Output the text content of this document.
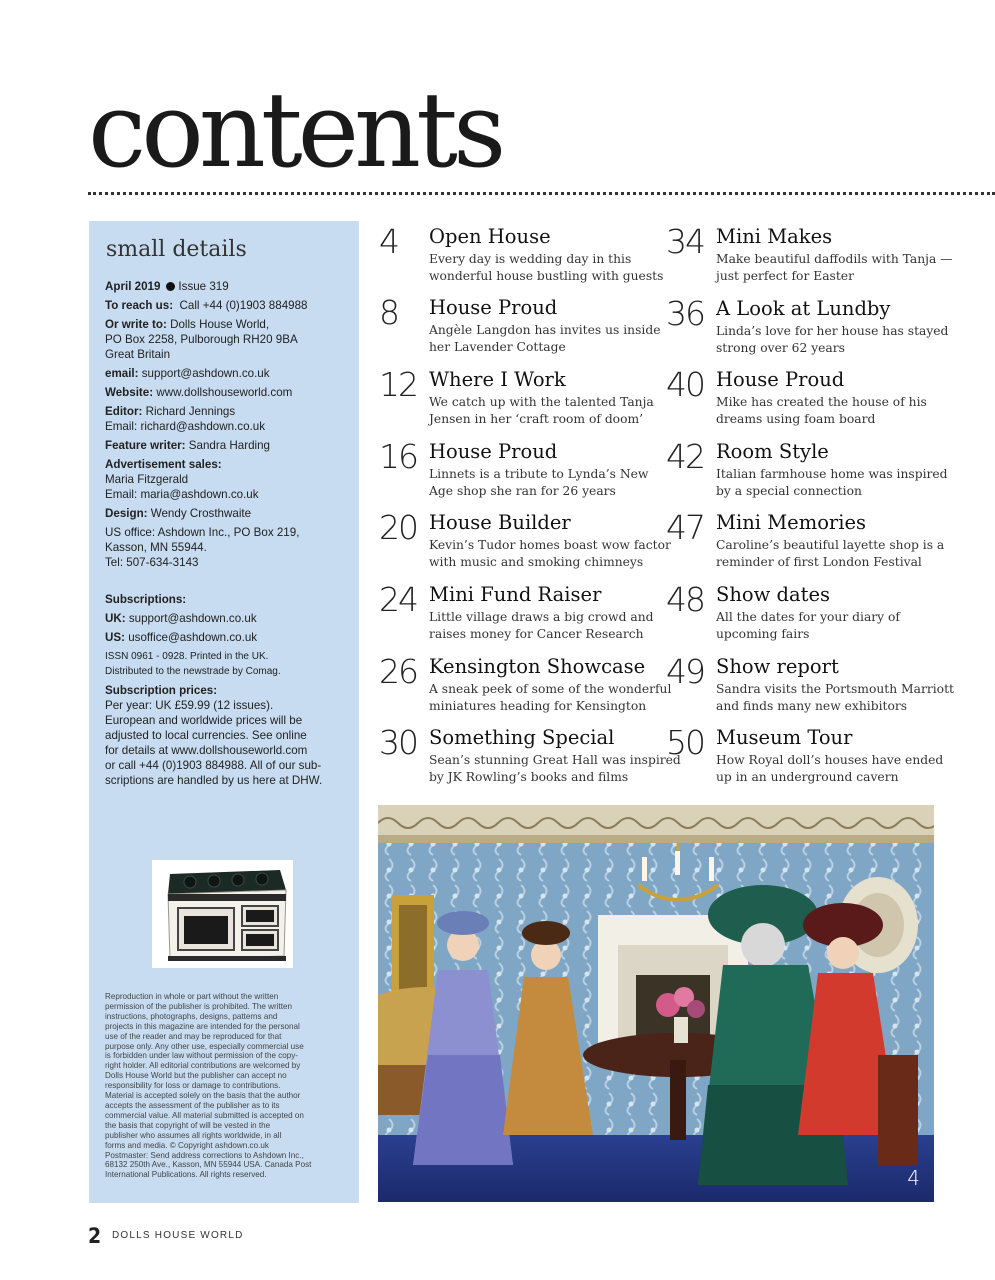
contents
small details
April 2019 Issue 319
To reach us: Call +44 (0)1903 884988
Or write to: Dolls House World,
PO Box 2258, Pulborough RH20 9BA
Great Britain
email: support@ashdown.co.uk
Website: www.dollshouseworld.com
Editor: Richard Jennings
Email: richard@ashdown.co.uk
Feature writer: Sandra Harding
Advertisement sales:
Maria Fitzgerald
Email: maria@ashdown.co.uk
Design: Wendy Crosthwaite
US office: Ashdown Inc., PO Box 219,
Kasson, MN 55944.
Tel: 507-634-3143
Subscriptions:
UK: support@ashdown.co.uk
US: usoffice@ashdown.co.uk
ISSN 0961 - 0928. Printed in the UK.
Distributed to the newstrade by Comag.
Subscription prices:
Per year: UK £59.99 (12 issues).
European and worldwide prices will be
adjusted to local currencies. See online
for details at www.dollshouseworld.com
or call +44 (0)1903 884988. All of our sub-
scriptions are handled by us here at DHW.
Reproduction in whole or part without the written
permission of the publisher is prohibited. The written
instructions, photographs, designs, patterns and
projects in this magazine are intended for the personal
use of the reader and may be reproduced for that
purpose only. Any other use, especially commercial use
is forbidden under law without permission of the copy-
right holder. All editorial contributions are welcomed by
Dolls House World but the publisher can accept no
responsibility for loss or damage to contributions.
Material is accepted solely on the basis that the author
accepts the assessment of the publisher as to its
commercial value. All material submitted is accepted on
the basis that copyright of will be vested in the
publisher who assumes all rights worldwide, in all
forms and media. © Copyright ashdown.co.uk
Postmaster: Send address corrections to Ashdown Inc.,
68132 250th Ave., Kasson, MN 55944 USA. Canada Post
International Publications. All rights reserved.
4 Open House
Every day is wedding day in this
wonderful house bustling with guests
8 House Proud
Angèle Langdon has invites us inside
her Lavender Cottage
12 Where I Work
We catch up with the talented Tanja
Jensen in her ‘craft room of doom’
16 House Proud
Linnets is a tribute to Lynda’s New
Age shop she ran for 26 years
20 House Builder
Kevin’s Tudor homes boast wow factor
with music and smoking chimneys
24 Mini Fund Raiser
Little village draws a big crowd and
raises money for Cancer Research
26 Kensington Showcase
A sneak peek of some of the wonderful
miniatures heading for Kensington
30 Something Special
Sean’s stunning Great Hall was inspired
by JK Rowling’s books and films
34 Mini Makes
Make beautiful daffodils with Tanja —
just perfect for Easter
36 A Look at Lundby
Linda’s love for her house has stayed
strong over 62 years
40 House Proud
Mike has created the house of his
dreams using foam board
42 Room Style
Italian farmhouse home was inspired
by a special connection
47 Mini Memories
Caroline’s beautiful layette shop is a
reminder of first London Festival
48 Show dates
All the dates for your diary of
upcoming fairs
49 Show report
Sandra visits the Portsmouth Marriott
and finds many new exhibitors
50 Museum Tour
How Royal doll’s houses have ended
up in an underground cavern
4
2 DOLLS HOUSE WORLD
